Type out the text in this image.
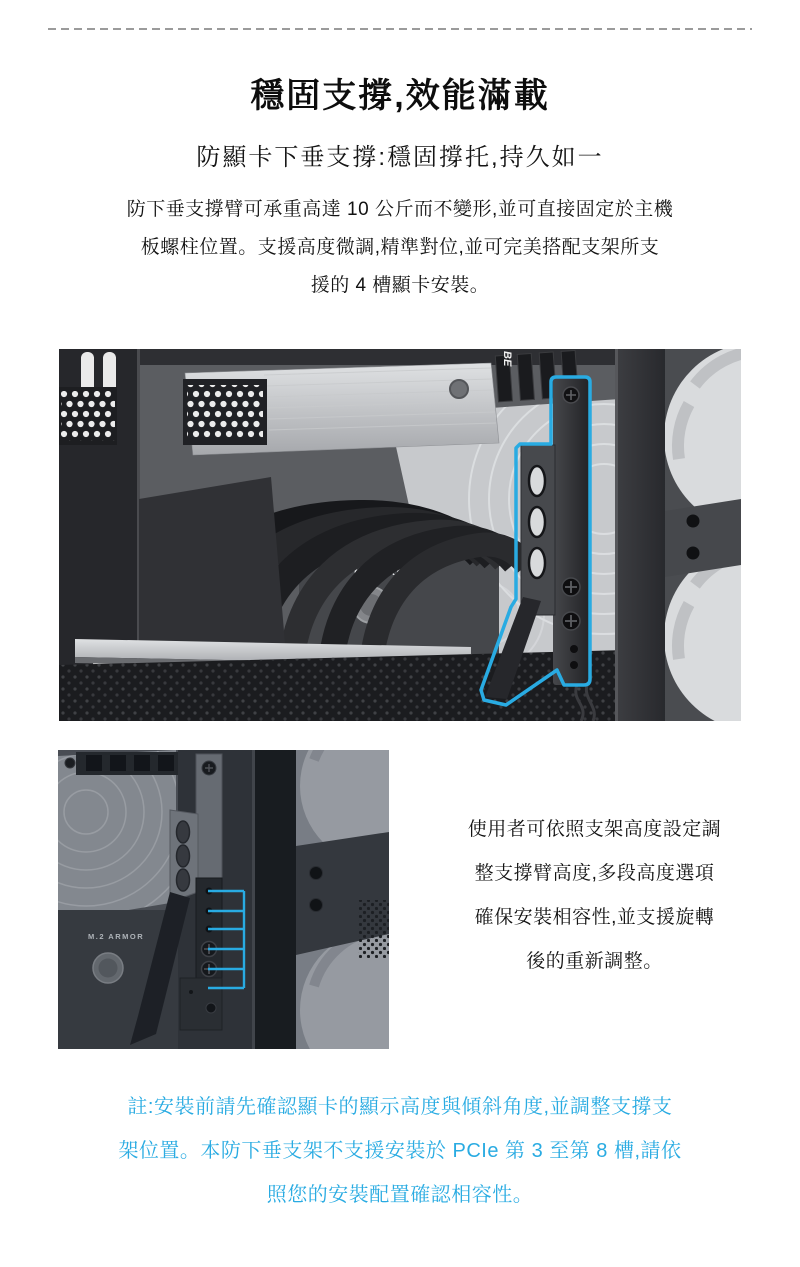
穩固支撐,效能滿載
防顯卡下垂支撐:穩固撐托,持久如一
防下垂支撐臂可承重高達 10 公斤而不變形,並可直接固定於主機
板螺柱位置。支援高度微調,精準對位,並可完美搭配支架所支
援的 4 槽顯卡安裝。
M.2 ARMOR
BE
M.2 ARMOR
使用者可依照支架高度設定調
整支撐臂高度,多段高度選項
確保安裝相容性,並支援旋轉
後的重新調整。
註:安裝前請先確認顯卡的顯示高度與傾斜角度,並調整支撐支
架位置。本防下垂支架不支援安裝於 PCIe 第 3 至第 8 槽,請依
照您的安裝配置確認相容性。
